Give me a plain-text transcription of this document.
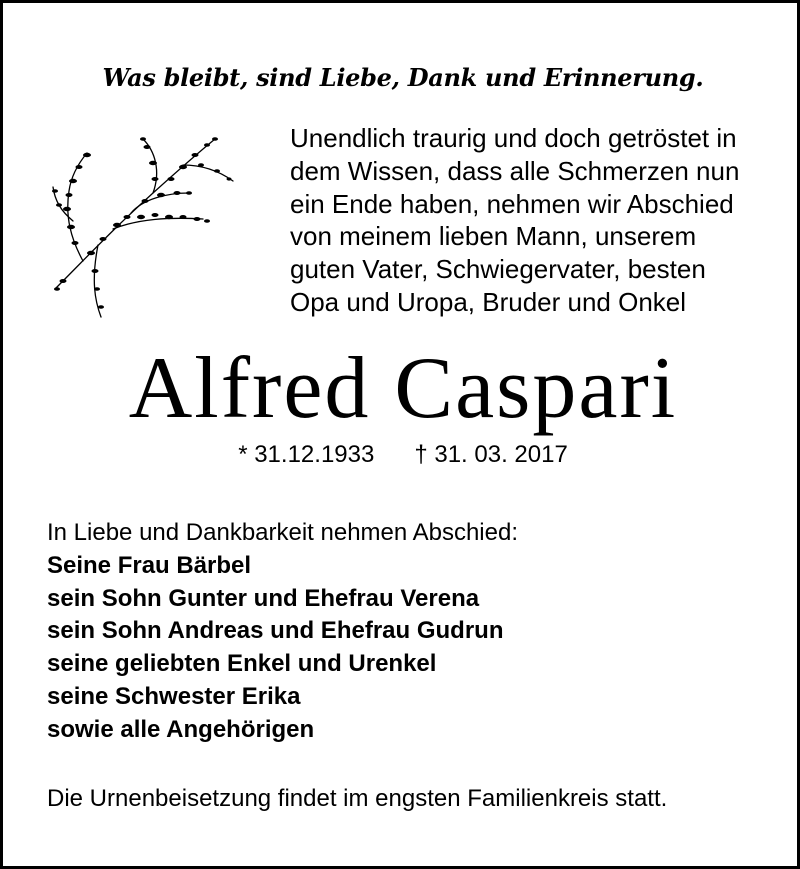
Was bleibt, sind Liebe, Dank und Erinnerung.
Unendlich traurig und doch getröstet in
dem Wissen, dass alle Schmerzen nun
ein Ende haben, nehmen wir Abschied
von meinem lieben Mann, unserem
guten Vater, Schwiegervater, besten
Opa und Uropa, Bruder und Onkel
Alfred Caspari
* 31.12.1933 † 31. 03. 2017
In Liebe und Dankbarkeit nehmen Abschied:
Seine Frau Bärbel
sein Sohn Gunter und Ehefrau Verena
sein Sohn Andreas und Ehefrau Gudrun
seine geliebten Enkel und Urenkel
seine Schwester Erika
sowie alle Angehörigen
Die Urnenbeisetzung findet im engsten Familienkreis statt.
